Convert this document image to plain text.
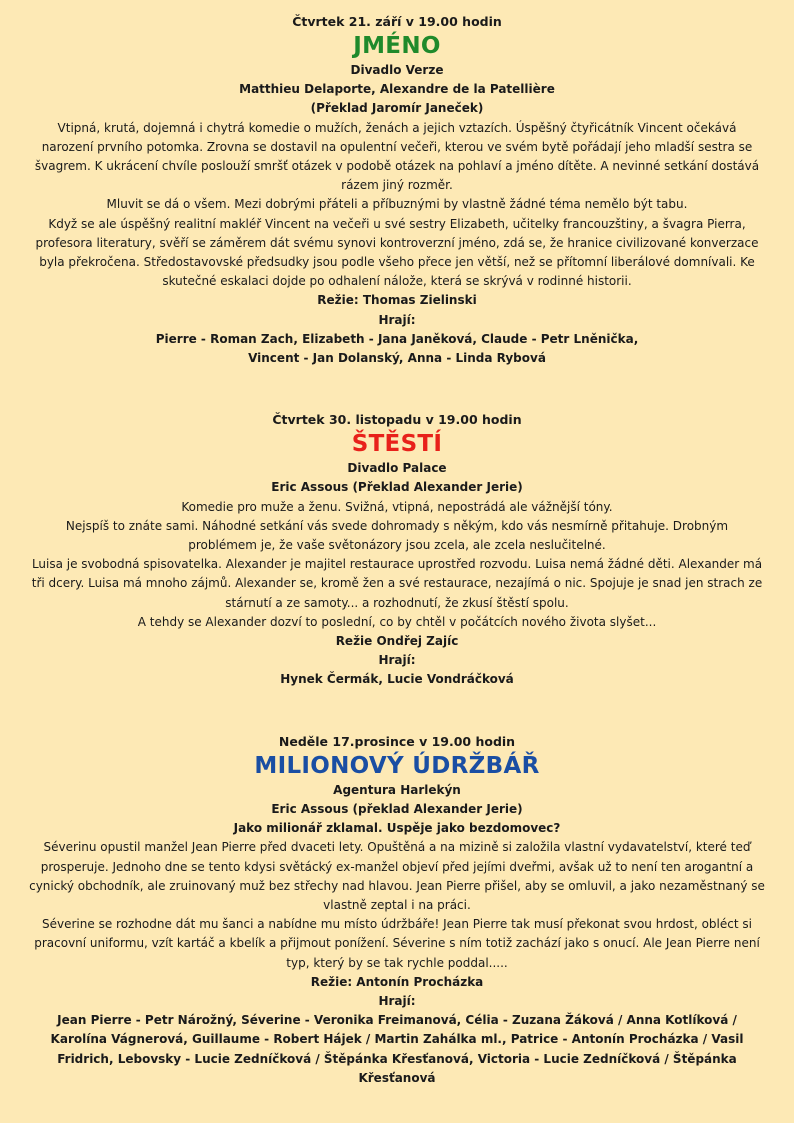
Čtvrtek 21. září v 19.00 hodin
JMÉNO
Divadlo Verze
Matthieu Delaporte, Alexandre de la Patellière
(Překlad Jaromír Janeček)

Vtipná, krutá, dojemná i chytrá komedie o mužích, ženách a jejich vztazích. Úspěšný čtyřicátník Vincent očekává narození prvního potomka. Zrovna se dostavil na opulentní večeři, kterou ve svém bytě pořádají jeho mladší sestra se švagrem. K ukrácení chvíle poslouží smršť otázek v podobě otázek na pohlaví a jméno dítěte. A nevinné setkání dostává rázem jiný rozměr.

Mluvit se dá o všem. Mezi dobrými přáteli a příbuznými by vlastně žádné téma nemělo být tabu.

Když se ale úspěšný realitní makléř Vincent na večeři u své sestry Elizabeth, učitelky francouzštiny, a švagra Pierra, profesora literatury, svěří se záměrem dát svému synovi kontroverzní jméno, zdá se, že hranice civilizované konverzace byla překročena. Středostavovské předsudky jsou podle všeho přece jen větší, než se přítomní liberálové domnívali. Ke skutečné eskalaci dojde po odhalení nálože, která se skrývá v rodinné historii.

Režie: Thomas Zielinski
Hrají:
Pierre - Roman Zach, Elizabeth - Jana Janěková, Claude - Petr Lněnička,
Vincent - Jan Dolanský, Anna - Linda Rybová
Čtvrtek 30. listopadu v 19.00 hodin
ŠTĚSTÍ
Divadlo Palace
Eric Assous (Překlad Alexander Jerie)

Komedie pro muže a ženu. Svižná, vtipná, nepostrádá ale vážnější tóny.

Nejspíš to znáte sami. Náhodné setkání vás svede dohromady s někým, kdo vás nesmírně přitahuje. Drobným problémem je, že vaše světonázory jsou zcela, ale zcela neslučitelné.

Luisa je svobodná spisovatelka. Alexander je majitel restaurace uprostřed rozvodu. Luisa nemá žádné děti. Alexander má tři dcery. Luisa má mnoho zájmů. Alexander se, kromě žen a své restaurace, nezajímá o nic. Spojuje je snad jen strach ze stárnutí a ze samoty... a rozhodnutí, že zkusí štěstí spolu.

A tehdy se Alexander dozví to poslední, co by chtěl v počátcích nového života slyšet...

Režie Ondřej Zajíc
Hrají:
Hynek Čermák, Lucie Vondráčková
Neděle 17.prosince v 19.00 hodin
MILIONOVÝ ÚDRŽBÁŘ
Agentura Harlekýn
Eric Assous (překlad Alexander Jerie)
Jako milionář zklamal. Uspěje jako bezdomovec?

Séverinu opustil manžel Jean Pierre před dvaceti lety. Opuštěná a na mizině si založila vlastní vydavatelství, které teď prosperuje. Jednoho dne se tento kdysi světácký ex-manžel objeví před jejími dveřmi, avšak už to není ten arogantní a cynický obchodník, ale zruinovaný muž bez střechy nad hlavou. Jean Pierre přišel, aby se omluvil, a jako nezaměstnaný se vlastně zeptal i na práci.

Séverine se rozhodne dát mu šanci a nabídne mu místo údržbáře! Jean Pierre tak musí překonat svou hrdost, obléct si pracovní uniformu, vzít kartáč a kbelík a přijmout ponížení. Séverine s ním totiž zachází jako s onucí. Ale Jean Pierre není typ, který by se tak rychle poddal.....

Režie: Antonín Procházka
Hrají:
Jean Pierre - Petr Nárožný, Séverine - Veronika Freimanová, Célia - Zuzana Žáková / Anna Kotlíková / Karolína Vágnerová, Guillaume - Robert Hájek / Martin Zahálka ml., Patrice - Antonín Procházka / Vasil Fridrich, Lebovsky - Lucie Zedníčková / Štěpánka Křesťanová, Victoria - Lucie Zedníčková / Štěpánka Křesťanová
